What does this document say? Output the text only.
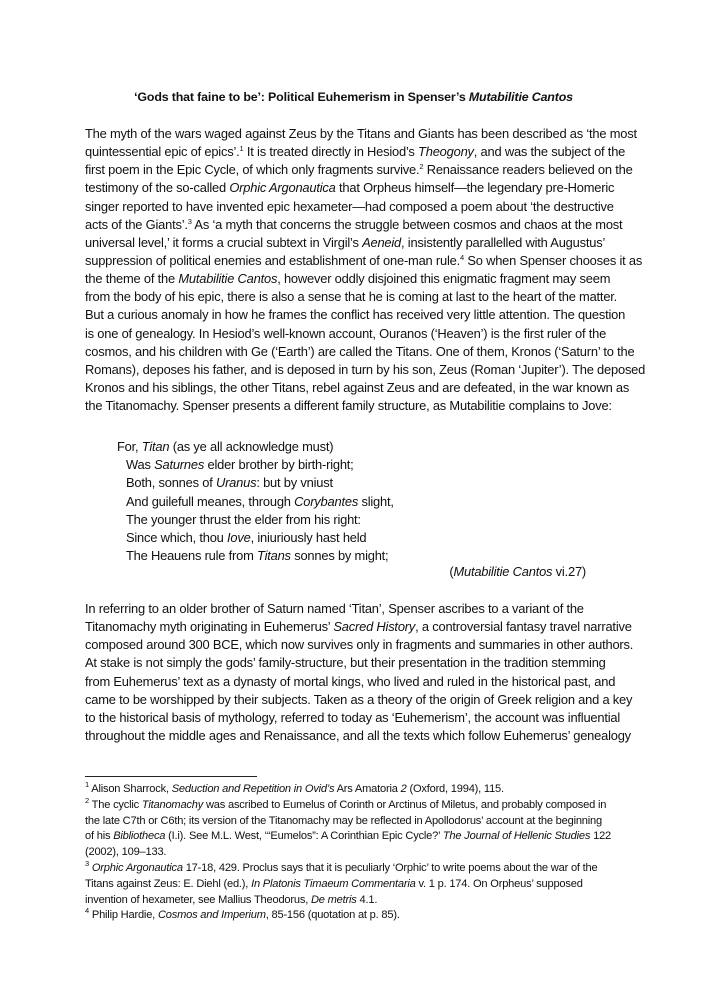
‘Gods that faine to be’: Political Euhemerism in Spenser’s Mutabilitie Cantos
The myth of the wars waged against Zeus by the Titans and Giants has been described as ‘the most
quintessential epic of epics’.$^1$ It is treated directly in Hesiod’s Theogony, and was the subject of the
first poem in the Epic Cycle, of which only fragments survive.$^2$ Renaissance readers believed on the
testimony of the so-called Orphic Argonautica that Orpheus himself—the legendary pre-Homeric
singer reported to have invented epic hexameter—had composed a poem about ‘the destructive
acts of the Giants’.$^3$ As ‘a myth that concerns the struggle between cosmos and chaos at the most
universal level,’ it forms a crucial subtext in Virgil’s Aeneid, insistently parallelled with Augustus’
suppression of political enemies and establishment of one-man rule.$^4$ So when Spenser chooses it as
the theme of the Mutabilitie Cantos, however oddly disjoined this enigmatic fragment may seem
from the body of his epic, there is also a sense that he is coming at last to the heart of the matter.
But a curious anomaly in how he frames the conflict has received very little attention. The question
is one of genealogy. In Hesiod’s well-known account, Ouranos (‘Heaven’) is the first ruler of the
cosmos, and his children with Ge (‘Earth’) are called the Titans. One of them, Kronos (‘Saturn’ to the
Romans), deposes his father, and is deposed in turn by his son, Zeus (Roman ‘Jupiter’). The deposed
Kronos and his siblings, the other Titans, rebel against Zeus and are defeated, in the war known as
the Titanomachy. Spenser presents a different family structure, as Mutabilitie complains to Jove:
For, Titan (as ye all acknowledge must)
Was Saturnes elder brother by birth-right;
Both, sonnes of Uranus: but by vniust
And guilefull meanes, through Corybantes slight,
The younger thrust the elder from his right:
Since which, thou Iove, iniuriously hast held
The Heauens rule from Titans sonnes by might;
(Mutabilitie Cantos vi.27)
In referring to an older brother of Saturn named ‘Titan’, Spenser ascribes to a variant of the
Titanomachy myth originating in Euhemerus’ Sacred History, a controversial fantasy travel narrative
composed around 300 BCE, which now survives only in fragments and summaries in other authors.
At stake is not simply the gods’ family-structure, but their presentation in the tradition stemming
from Euhemerus’ text as a dynasty of mortal kings, who lived and ruled in the historical past, and
came to be worshipped by their subjects. Taken as a theory of the origin of Greek religion and a key
to the historical basis of mythology, referred to today as ‘Euhemerism’, the account was influential
throughout the middle ages and Renaissance, and all the texts which follow Euhemerus’ genealogy
$^1$ Alison Sharrock, Seduction and Repetition in Ovid’s Ars Amatoria 2 (Oxford, 1994), 115.
$^2$ The cyclic Titanomachy was ascribed to Eumelus of Corinth or Arctinus of Miletus, and probably composed in
the late C7th or C6th; its version of the Titanomachy may be reflected in Apollodorus’ account at the beginning
of his Bibliotheca (I.i). See M.L. West, ‘“Eumelos”: A Corinthian Epic Cycle?’ The Journal of Hellenic Studies 122
(2002), 109–133.
$^3$ Orphic Argonautica 17-18, 429. Proclus says that it is peculiarly ‘Orphic’ to write poems about the war of the
Titans against Zeus: E. Diehl (ed.), In Platonis Timaeum Commentaria v. 1 p. 174. On Orpheus’ supposed
invention of hexameter, see Mallius Theodorus, De metris 4.1.
$^4$ Philip Hardie, Cosmos and Imperium, 85-156 (quotation at p. 85).
